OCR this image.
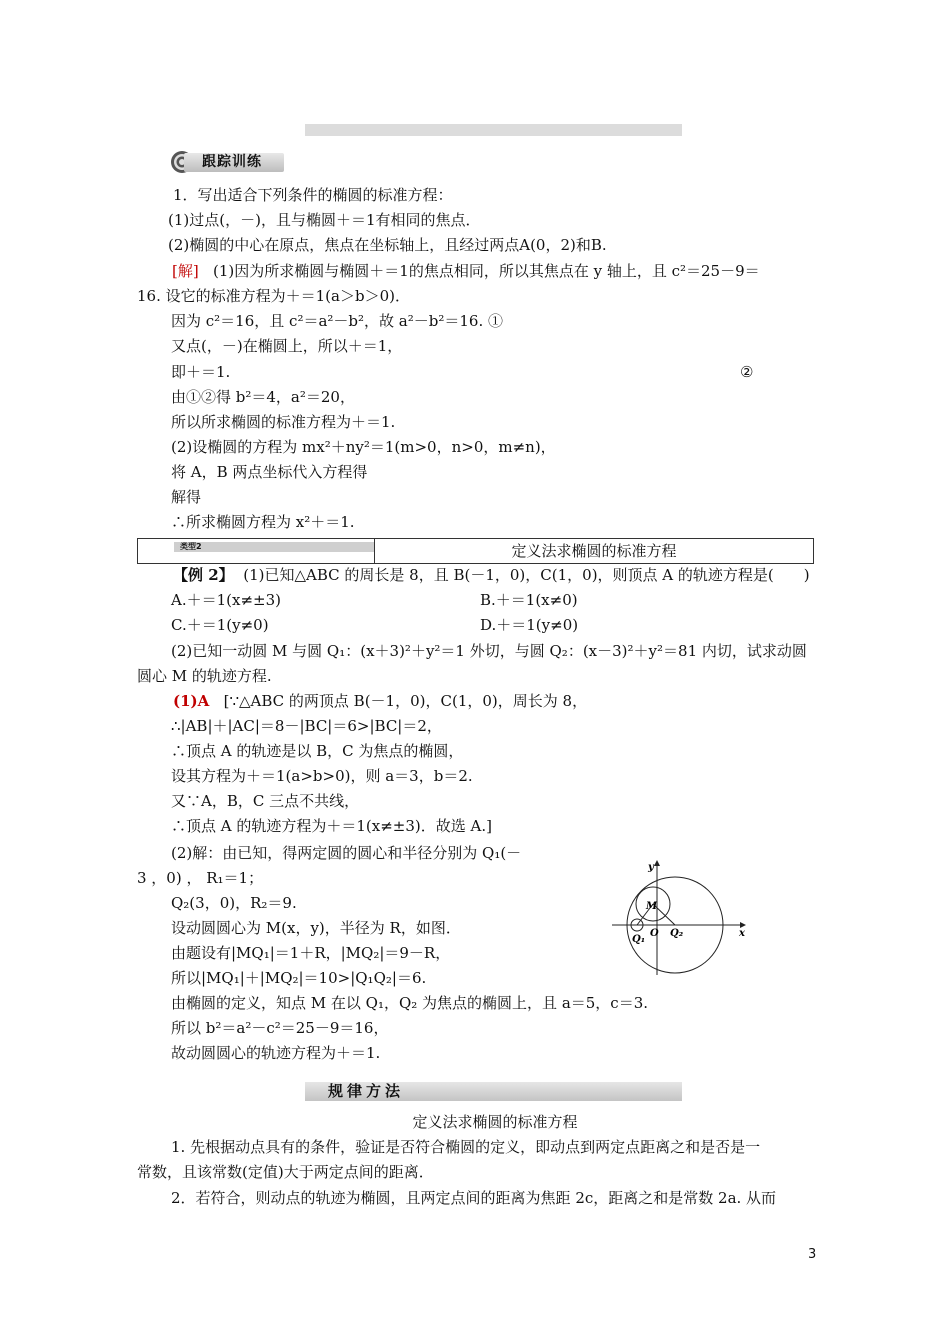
跟踪训练
1．写出适合下列条件的椭圆的标准方程：
(1)过点(，－)，且与椭圆＋＝1有相同的焦点．
(2)椭圆的中心在原点，焦点在坐标轴上，且经过两点A(0，2)和B.
[解] (1)因为所求椭圆与椭圆＋＝1的焦点相同，所以其焦点在 y 轴上，且 c²＝25－9＝
16. 设它的标准方程为＋＝1(a＞b＞0)．
因为 c²＝16，且 c²＝a²－b²，故 a²－b²＝16. ①
又点(，－)在椭圆上，所以＋＝1，
即＋＝1.	②
由①②得 b²＝4，a²＝20，
所以所求椭圆的标准方程为＋＝1.
(2)设椭圆的方程为 mx²＋ny²＝1(m>0，n>0，m≠n)，
将 A，B 两点坐标代入方程得
解得
∴所求椭圆方程为 x²＋＝1.
类型2	定义法求椭圆的标准方程
【例 2】 (1)已知△ABC 的周长是 8，且 B(－1，0)，C(1，0)，则顶点 A 的轨迹方程是(　　)
A.＋＝1(x≠±3)	B.＋＝1(x≠0)
C.＋＝1(y≠0)	D.＋＝1(y≠0)
(2)已知一动圆 M 与圆 Q₁：(x＋3)²＋y²＝1 外切，与圆 Q₂：(x－3)²＋y²＝81 内切，试求动圆
圆心 M 的轨迹方程.
(1)A [∵△ABC 的两顶点 B(－1，0)，C(1，0)，周长为 8，
∴|AB|＋|AC|＝8－|BC|＝6>|BC|＝2，
∴顶点 A 的轨迹是以 B，C 为焦点的椭圆，
设其方程为＋＝1(a>b>0)，则 a＝3，b＝2.
又∵A，B，C 三点不共线，
∴顶点 A 的轨迹方程为＋＝1(x≠±3)．故选 A.]
(2)解：由已知，得两定圆的圆心和半径分别为 Q₁(－
3 ，0) ， R₁＝1；
Q₂(3，0)，R₂＝9.
设动圆圆心为 M(x，y)，半径为 R，如图．
由题设有|MQ₁|＝1＋R，|MQ₂|＝9－R，
所以|MQ₁|＋|MQ₂|＝10>|Q₁Q₂|＝6.
由椭圆的定义，知点 M 在以 Q₁，Q₂ 为焦点的椭圆上，且 a＝5，c＝3.
所以 b²＝a²－c²＝25－9＝16，
故动圆圆心的轨迹方程为＋＝1.
y
x
M
O
Q₁
Q₂
规律方法
定义法求椭圆的标准方程
1. 先根据动点具有的条件，验证是否符合椭圆的定义，即动点到两定点距离之和是否是一
常数，且该常数(定值)大于两定点间的距离．
2．若符合，则动点的轨迹为椭圆，且两定点间的距离为焦距 2c，距离之和是常数 2a. 从而
3
